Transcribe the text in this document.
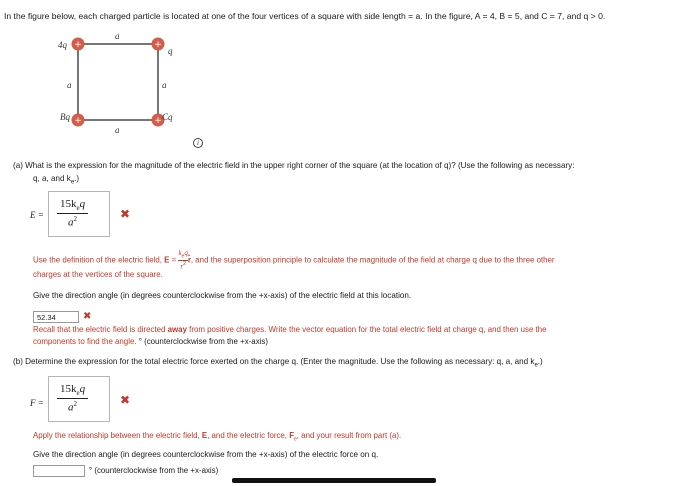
In the figure below, each charged particle is located at one of the four vertices of a square with side length = a. In the figure, A = 4, B = 5, and C = 7, and q > 0.
+	+
+	+
4q
q
Bq	Cq
a
a	a
a
i
(a) What is the expression for the magnitude of the electric field in the upper right corner of the square (at the location of q)? (Use the following as necessary:
q, a, and $k_e$.)
E =
$15k_eq$
$a^2$	✖
Use the definition of the electric field, E =
$k_eq$
$r^2$ r̂, and the superposition principle to calculate the magnitude of the field at charge q due to the three other
charges at the vertices of the square.
Give the direction angle (in degrees counterclockwise from the +x-axis) of the electric field at this location.
52.34	✖
Recall that the electric field is directed away from positive charges. Write the vector equation for the total electric field at charge q, and then use the
components to find the angle. ° (counterclockwise from the +x-axis)
(b) Determine the expression for the total electric force exerted on the charge q. (Enter the magnitude. Use the following as necessary: q, a, and $k_e$.)
F =
$15k_eq$
$a^2$	✖
Apply the relationship between the electric field, E, and the electric force, $F_e$, and your result from part (a).
Give the direction angle (in degrees counterclockwise from the +x-axis) of the electric force on q.
° (counterclockwise from the +x-axis)
